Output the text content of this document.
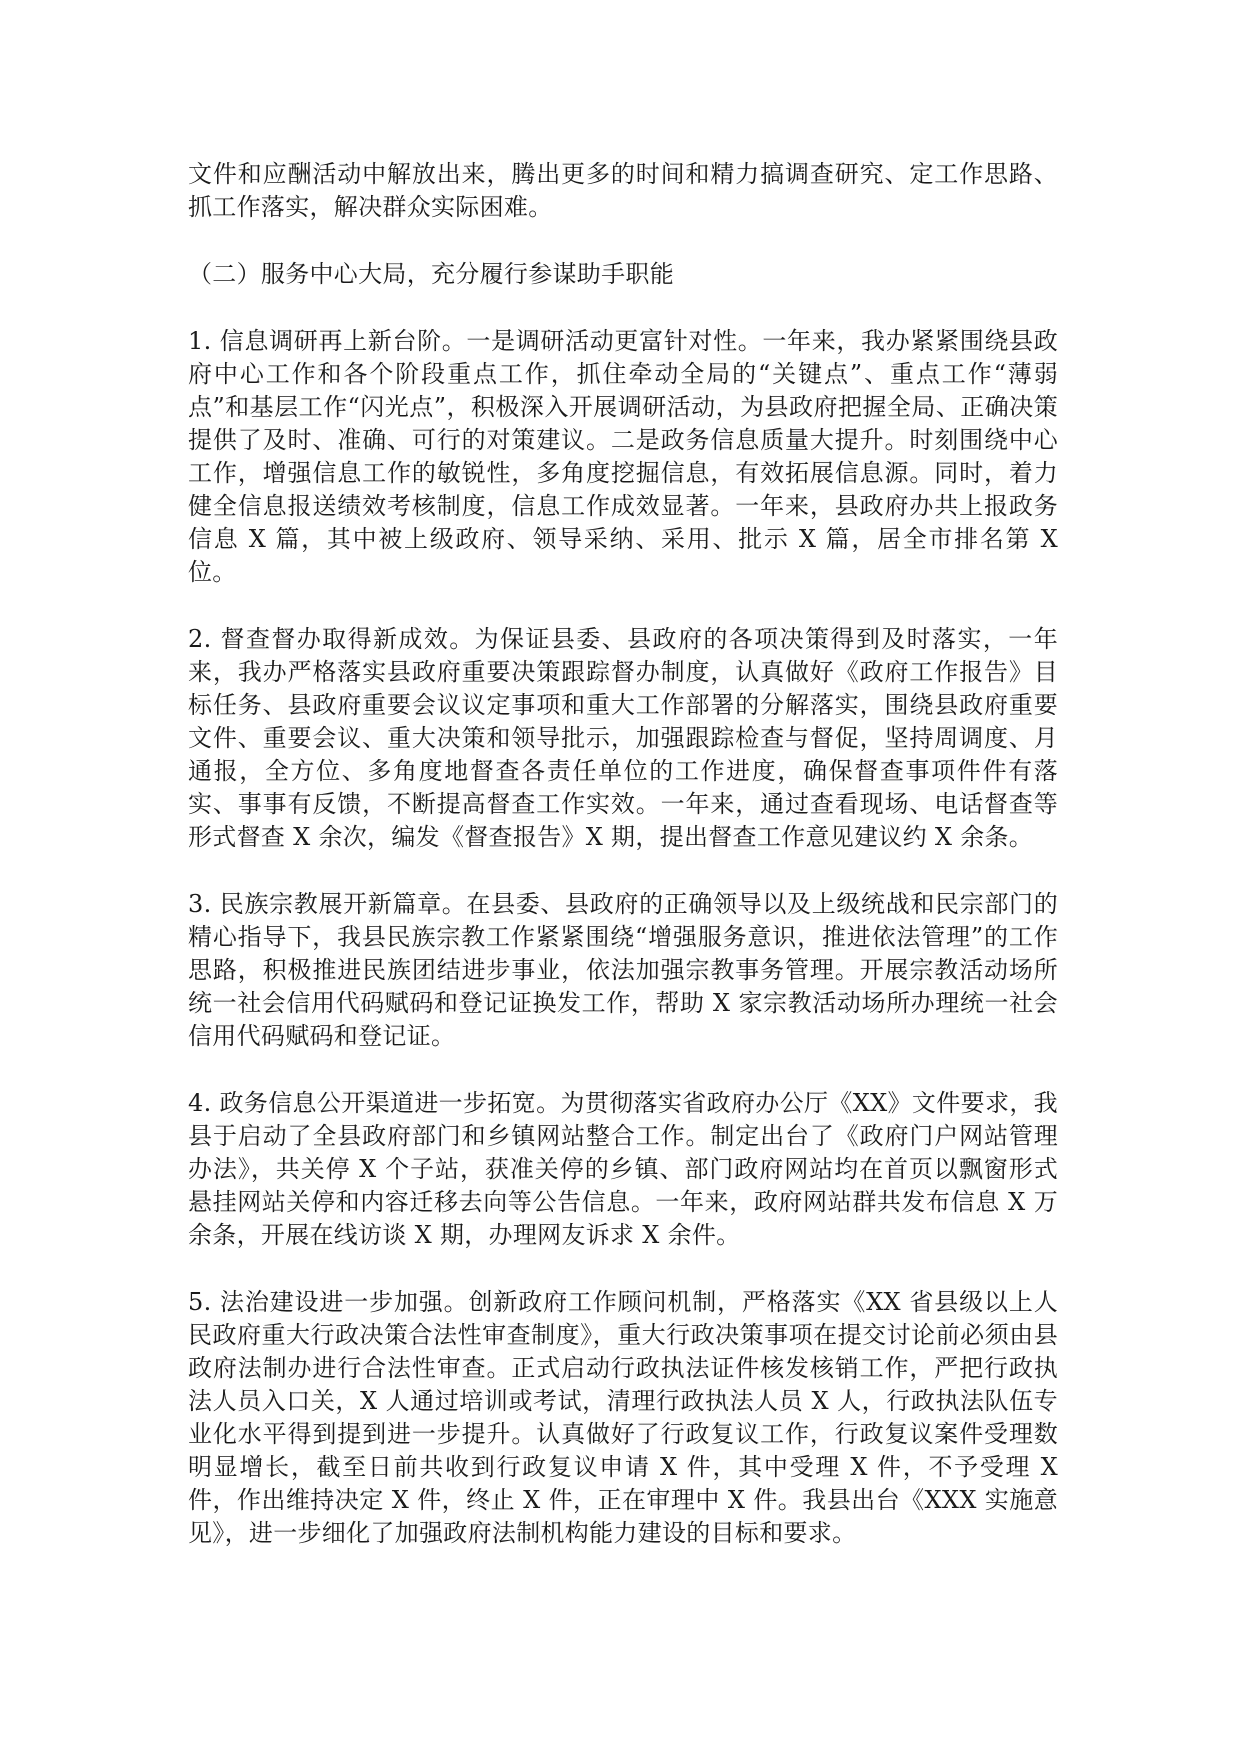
文件和应酬活动中解放出来，腾出更多的时间和精力搞调查研究、定工作思路、抓工作落实，解决群众实际困难。

（二）服务中心大局，充分履行参谋助手职能

1. 信息调研再上新台阶。一是调研活动更富针对性。一年来，我办紧紧围绕县政府中心工作和各个阶段重点工作，抓住牵动全局的“关键点”、重点工作“薄弱点”和基层工作“闪光点”，积极深入开展调研活动，为县政府把握全局、正确决策提供了及时、准确、可行的对策建议。二是政务信息质量大提升。时刻围绕中心工作，增强信息工作的敏锐性，多角度挖掘信息，有效拓展信息源。同时，着力健全信息报送绩效考核制度，信息工作成效显著。一年来，县政府办共上报政务信息 X 篇，其中被上级政府、领导采纳、采用、批示 X 篇，居全市排名第 X 位。

2. 督查督办取得新成效。为保证县委、县政府的各项决策得到及时落实，一年来，我办严格落实县政府重要决策跟踪督办制度，认真做好《政府工作报告》目标任务、县政府重要会议议定事项和重大工作部署的分解落实，围绕县政府重要文件、重要会议、重大决策和领导批示，加强跟踪检查与督促，坚持周调度、月通报，全方位、多角度地督查各责任单位的工作进度，确保督查事项件件有落实、事事有反馈，不断提高督查工作实效。一年来，通过查看现场、电话督查等形式督查 X 余次，编发《督查报告》X 期，提出督查工作意见建议约 X 余条。

3. 民族宗教展开新篇章。在县委、县政府的正确领导以及上级统战和民宗部门的精心指导下，我县民族宗教工作紧紧围绕“增强服务意识，推进依法管理”的工作思路，积极推进民族团结进步事业，依法加强宗教事务管理。开展宗教活动场所统一社会信用代码赋码和登记证换发工作，帮助 X 家宗教活动场所办理统一社会信用代码赋码和登记证。

4. 政务信息公开渠道进一步拓宽。为贯彻落实省政府办公厅《XX》文件要求，我县于启动了全县政府部门和乡镇网站整合工作。制定出台了《政府门户网站管理办法》，共关停 X 个子站，获准关停的乡镇、部门政府网站均在首页以飘窗形式悬挂网站关停和内容迁移去向等公告信息。一年来，政府网站群共发布信息 X 万余条，开展在线访谈 X 期，办理网友诉求 X 余件。

5. 法治建设进一步加强。创新政府工作顾问机制，严格落实《XX 省县级以上人民政府重大行政决策合法性审查制度》，重大行政决策事项在提交讨论前必须由县政府法制办进行合法性审查。正式启动行政执法证件核发核销工作，严把行政执法人员入口关，X 人通过培训或考试，清理行政执法人员 X 人，行政执法队伍专业化水平得到提到进一步提升。认真做好了行政复议工作，行政复议案件受理数明显增长，截至日前共收到行政复议申请 X 件，其中受理 X 件，不予受理 X 件，作出维持决定 X 件，终止 X 件，正在审理中 X 件。我县出台《XXX 实施意见》，进一步细化了加强政府法制机构能力建设的目标和要求。
